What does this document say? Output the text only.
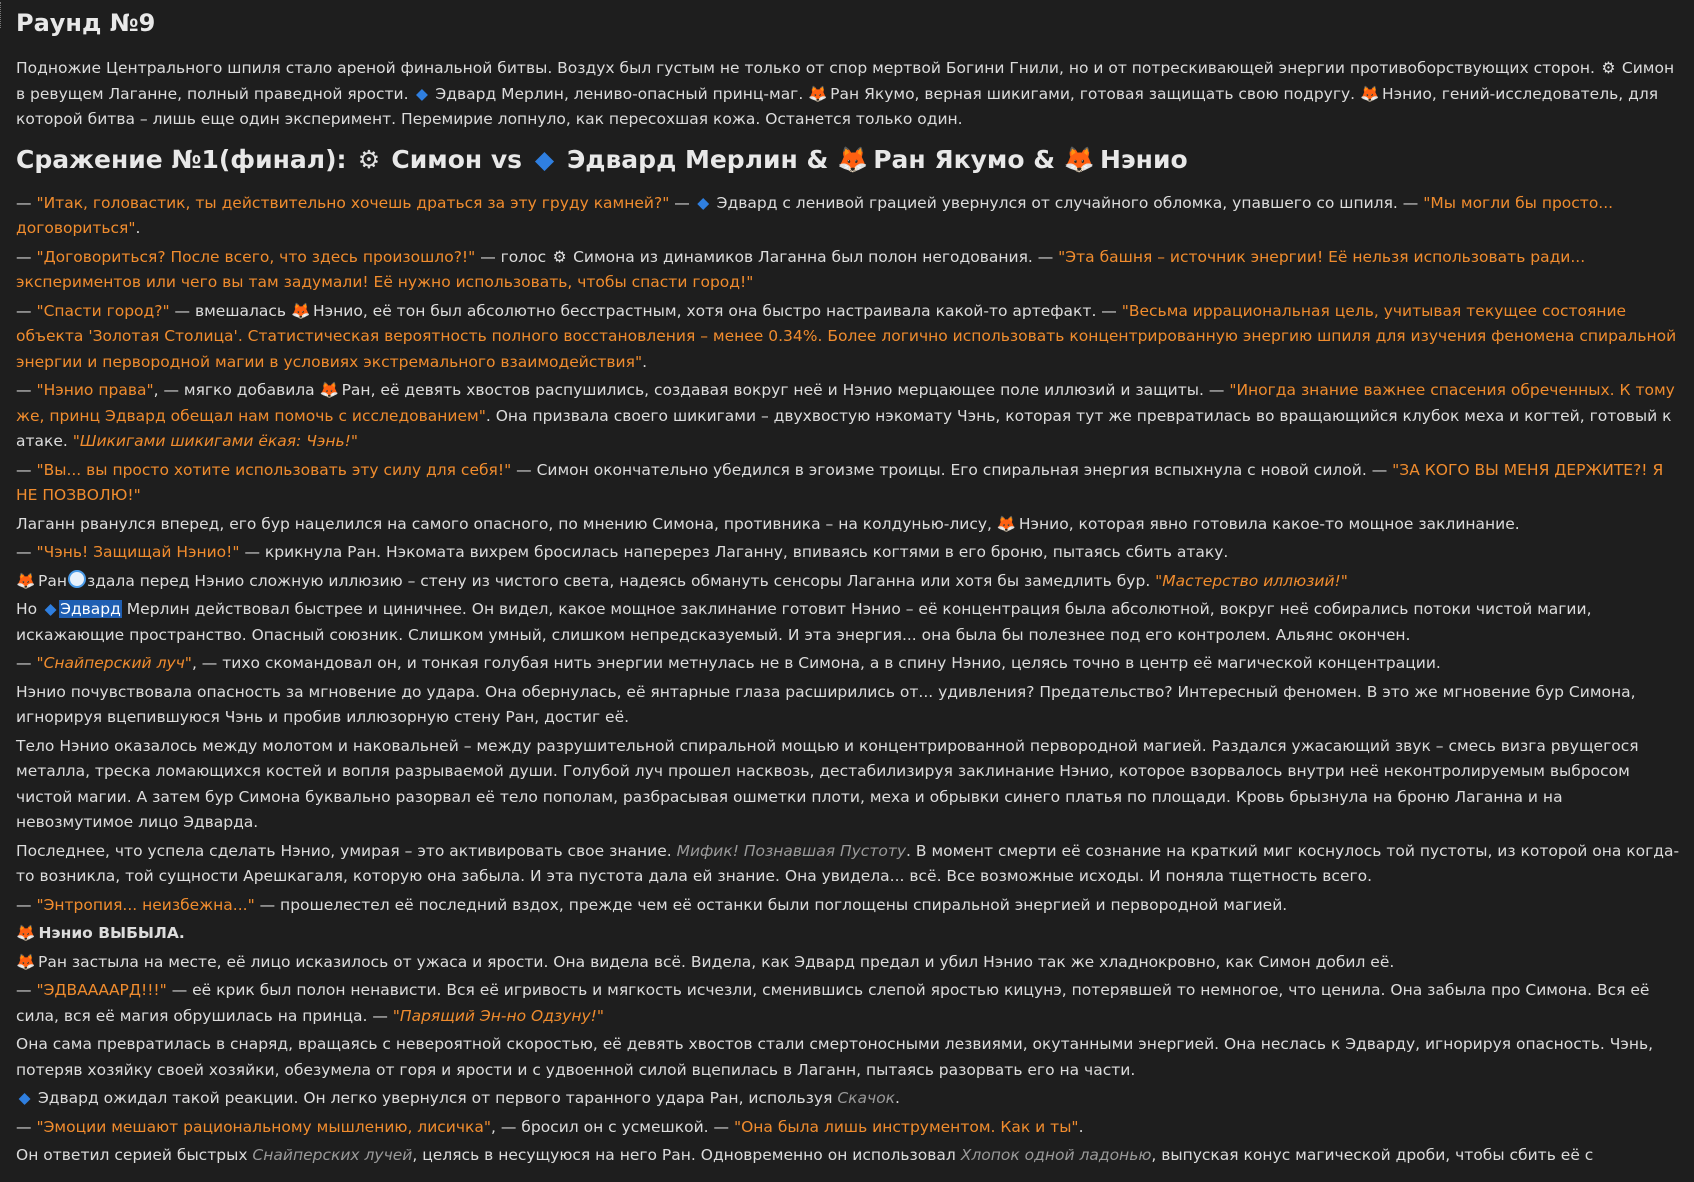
Раунд №9

Подножие Центрального шпиля стало ареной финальной битвы. Воздух был густым не только от спор мертвой Богини Гнили, но и от потрескивающей энергии противоборствующих сторон. ⚙ Симон в ревущем Лаганне, полный праведной ярости. ◆ Эдвард Мерлин, лениво-опасный принц-маг. 🦊 Ран Якумо, верная шикигами, готовая защищать свою подругу. 🦊 Нэнио, гений-исследователь, для которой битва – лишь еще один эксперимент. Перемирие лопнуло, как пересохшая кожа. Останется только один.

Сражение №1(финал): ⚙ Симон vs ◆ Эдвард Мерлин & 🦊 Ран Якумо & 🦊 Нэнио

— "Итак, головастик, ты действительно хочешь драться за эту груду камней?" — ◆ Эдвард с ленивой грацией увернулся от случайного обломка, упавшего со шпиля. — "Мы могли бы просто... договориться".

— "Договориться? После всего, что здесь произошло?!" — голос ⚙ Симона из динамиков Лаганна был полон негодования. — "Эта башня – источник энергии! Её нельзя использовать ради... экспериментов или чего вы там задумали! Её нужно использовать, чтобы спасти город!"

— "Спасти город?" — вмешалась 🦊 Нэнио, её тон был абсолютно бесстрастным, хотя она быстро настраивала какой-то артефакт. — "Весьма иррациональная цель, учитывая текущее состояние объекта 'Золотая Столица'. Статистическая вероятность полного восстановления – менее 0.34%. Более логично использовать концентрированную энергию шпиля для изучения феномена спиральной энергии и первородной магии в условиях экстремального взаимодействия".

— "Нэнио права", — мягко добавила 🦊 Ран, её девять хвостов распушились, создавая вокруг неё и Нэнио мерцающее поле иллюзий и защиты. — "Иногда знание важнее спасения обреченных. К тому же, принц Эдвард обещал нам помочь с исследованием". Она призвала своего шикигами – двухвостую нэкомату Чэнь, которая тут же превратилась во вращающийся клубок меха и когтей, готовый к атаке. "Шикигами шикигами ёкая: Чэнь!"

— "Вы... вы просто хотите использовать эту силу для себя!" — Симон окончательно убедился в эгоизме троицы. Его спиральная энергия вспыхнула с новой силой. — "ЗА КОГО ВЫ МЕНЯ ДЕРЖИТЕ?! Я НЕ ПОЗВОЛЮ!"

Лаганн рванулся вперед, его бур нацелился на самого опасного, по мнению Симона, противника – на колдунью-лису, 🦊 Нэнио, которая явно готовила какое-то мощное заклинание.

— "Чэнь! Защищай Нэнио!" — крикнула Ран. Нэкомата вихрем бросилась наперерез Лаганну, впиваясь когтями в его броню, пытаясь сбить атаку.

🦊 Ран здала перед Нэнио сложную иллюзию – стену из чистого света, надеясь обмануть сенсоры Лаганна или хотя бы замедлить бур. "Мастерство иллюзий!"

Но ◆ Эдвард Мерлин действовал быстрее и циничнее. Он видел, какое мощное заклинание готовит Нэнио – её концентрация была абсолютной, вокруг неё собирались потоки чистой магии, искажающие пространство. Опасный союзник. Слишком умный, слишком непредсказуемый. И эта энергия... она была бы полезнее под его контролем. Альянс окончен.

— "Снайперский луч", — тихо скомандовал он, и тонкая голубая нить энергии метнулась не в Симона, а в спину Нэнио, целясь точно в центр её магической концентрации.

Нэнио почувствовала опасность за мгновение до удара. Она обернулась, её янтарные глаза расширились от... удивления? Предательство? Интересный феномен. В это же мгновение бур Симона, игнорируя вцепившуюся Чэнь и пробив иллюзорную стену Ран, достиг её.

Тело Нэнио оказалось между молотом и наковальней – между разрушительной спиральной мощью и концентрированной первородной магией. Раздался ужасающий звук – смесь визга рвущегося металла, треска ломающихся костей и вопля разрываемой души. Голубой луч прошел насквозь, дестабилизируя заклинание Нэнио, которое взорвалось внутри неё неконтролируемым выбросом чистой магии. А затем бур Симона буквально разорвал её тело пополам, разбрасывая ошметки плоти, меха и обрывки синего платья по площади. Кровь брызнула на броню Лаганна и на невозмутимое лицо Эдварда.

Последнее, что успела сделать Нэнио, умирая – это активировать свое знание. Мифик! Познавшая Пустоту. В момент смерти её сознание на краткий миг коснулось той пустоты, из которой она когда-то возникла, той сущности Арешкагаля, которую она забыла. И эта пустота дала ей знание. Она увидела... всё. Все возможные исходы. И поняла тщетность всего.

— "Энтропия... неизбежна..." — прошелестел её последний вздох, прежде чем её останки были поглощены спиральной энергией и первородной магией.

🦊 Нэнио ВЫБЫЛА.

🦊 Ран застыла на месте, её лицо исказилось от ужаса и ярости. Она видела всё. Видела, как Эдвард предал и убил Нэнио так же хладнокровно, как Симон добил её.

— "ЭДВААААРД!!!" — её крик был полон ненависти. Вся её игривость и мягкость исчезли, сменившись слепой яростью кицунэ, потерявшей то немногое, что ценила. Она забыла про Симона. Вся её сила, вся её магия обрушилась на принца. — "Парящий Эн-но Одзуну!"

Она сама превратилась в снаряд, вращаясь с невероятной скоростью, её девять хвостов стали смертоносными лезвиями, окутанными энергией. Она неслась к Эдварду, игнорируя опасность. Чэнь, потеряв хозяйку своей хозяйки, обезумела от горя и ярости и с удвоенной силой вцепилась в Лаганн, пытаясь разорвать его на части.

◆ Эдвард ожидал такой реакции. Он легко увернулся от первого таранного удара Ран, используя Скачок.

— "Эмоции мешают рациональному мышлению, лисичка", — бросил он с усмешкой. — "Она была лишь инструментом. Как и ты".

Он ответил серией быстрых Снайперских лучей, целясь в несущуюся на него Ран. Одновременно он использовал Хлопок одной ладонью, выпуская конус магической дроби, чтобы сбить её с
